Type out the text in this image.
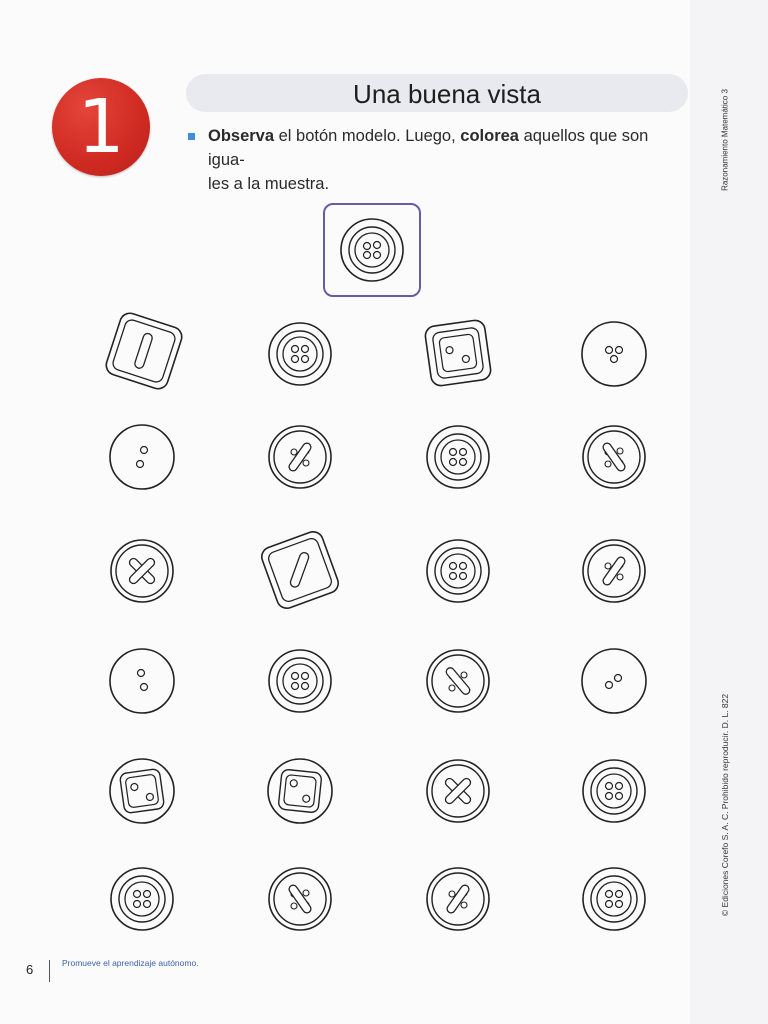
1	Una buena vista
Observa el botón modelo. Luego, colorea aquellos que son igua-
les a la muestra.	Razonamiento Matemático 3
© Ediciones Corefo S. A. C. Prohibido reproducir. D. L. 822
6	Promueve el aprendizaje autónomo.
